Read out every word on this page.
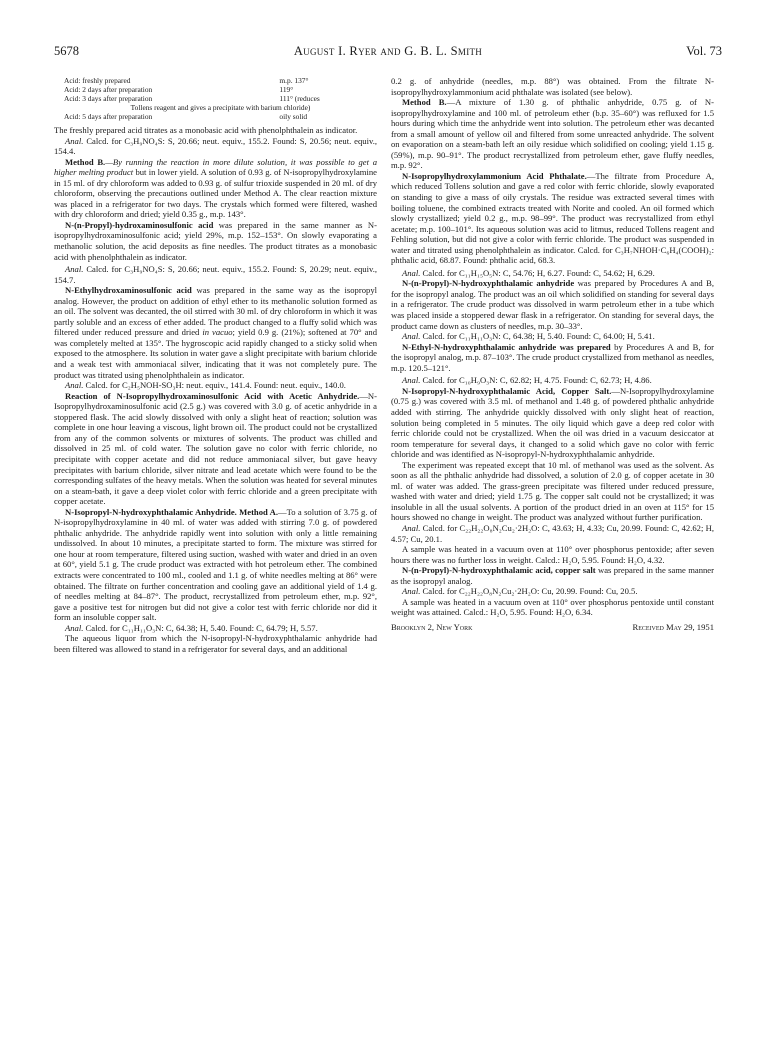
5678	August I. Ryer and G. B. L. Smith	Vol. 73
Acid: freshly prepared	m.p. 137°
Acid: 2 days after preparation	119°
Acid: 3 days after preparation	111° (reduces
Tollens reagent and gives a precipitate with barium chloride)	
Acid: 5 days after preparation	oily solid

The freshly prepared acid titrates as a monobasic acid with phenolphthalein as indicator.

Anal. Calcd. for C₃H₉NO₄S: S, 20.66; neut. equiv., 155.2. Found: S, 20.56; neut. equiv., 154.4.

Method B.—By running the reaction in more dilute solution, it was possible to get a higher melting product but in lower yield. A solution of 0.93 g. of N-isopropylhydroxylamine in 15 ml. of dry chloroform was added to 0.93 g. of sulfur trioxide suspended in 20 ml. of dry chloroform, observing the precautions outlined under Method A. The clear reaction mixture was placed in a refrigerator for two days. The crystals which formed were filtered, washed with dry chloroform and dried; yield 0.35 g., m.p. 143°.

N-(n-Propyl)-hydroxaminosulfonic acid was prepared in the same manner as N-isopropylhydroxaminosulfonic acid; yield 29%, m.p. 152–153°. On slowly evaporating a methanolic solution, the acid deposits as fine needles. The product titrates as a monobasic acid with phenolphthalein as indicator.

Anal. Calcd. for C₃H₉NO₄S: S, 20.66; neut. equiv., 155.2. Found: S, 20.29; neut. equiv., 154.7.

N-Ethylhydroxaminosulfonic acid was prepared in the same way as the isopropyl analog. However, the product on addition of ethyl ether to its methanolic solution formed as an oil. The solvent was decanted, the oil stirred with 30 ml. of dry chloroform in which it was partly soluble and an excess of ether added. The product changed to a fluffy solid which was filtered under reduced pressure and dried in vacuo; yield 0.9 g. (21%); softened at 70° and was completely melted at 135°. The hygroscopic acid rapidly changed to a sticky solid when exposed to the atmosphere. Its solution in water gave a slight precipitate with barium chloride and a weak test with ammoniacal silver, indicating that it was not completely pure. The product was titrated using phenolphthalein as indicator.

Anal. Calcd. for C₂H₅NOH-SO₃H: neut. equiv., 141.4. Found: neut. equiv., 140.0.

Reaction of N-Isopropylhydroxaminosulfonic Acid with Acetic Anhydride.—N-Isopropylhydroxaminosulfonic acid (2.5 g.) was covered with 3.0 g. of acetic anhydride in a stoppered flask. The acid slowly dissolved with only a slight heat of reaction; solution was complete in one hour leaving a viscous, light brown oil. The product could not be crystallized from any of the common solvents or mixtures of solvents. The product was chilled and dissolved in 25 ml. of cold water. The solution gave no color with ferric chloride, no precipitate with copper acetate and did not reduce ammoniacal silver, but gave heavy precipitates with barium chloride, silver nitrate and lead acetate which were found to be the corresponding sulfates of the heavy metals. When the solution was heated for several minutes on a steam-bath, it gave a deep violet color with ferric chloride and a green precipitate with copper acetate.

N-Isopropyl-N-hydroxyphthalamic Anhydride. Method A.—To a solution of 3.75 g. of N-isopropylhydroxylamine in 40 ml. of water was added with stirring 7.0 g. of powdered phthalic anhydride. The anhydride rapidly went into solution with only a little remaining undissolved. In about 10 minutes, a precipitate started to form. The mixture was stirred for one hour at room temperature, filtered using suction, washed with water and dried in an oven at 60°, yield 5.1 g. The crude product was extracted with hot petroleum ether. The combined extracts were concentrated to 100 ml., cooled and 1.1 g. of white needles melting at 86° were obtained. The filtrate on further concentration and cooling gave an additional yield of 1.4 g. of needles melting at 84–87°. The product, recrystallized from petroleum ether, m.p. 92°, gave a positive test for nitrogen but did not give a color test with ferric chloride nor did it form an insoluble copper salt.

Anal. Calcd. for C₁₁H₁₁O₃N: C, 64.38; H, 5.40. Found: C, 64.79; H, 5.57.

The aqueous liquor from which the N-isopropyl-N-hydroxyphthalamic anhydride had been filtered was allowed to stand in a refrigerator for several days, and an additional

0.2 g. of anhydride (needles, m.p. 88°) was obtained. From the filtrate N-isopropylhydroxylammonium acid phthalate was isolated (see below).

Method B.—A mixture of 1.30 g. of phthalic anhydride, 0.75 g. of N-isopropylhydroxylamine and 100 ml. of petroleum ether (b.p. 35–60°) was refluxed for 1.5 hours during which time the anhydride went into solution. The petroleum ether was decanted from a small amount of yellow oil and filtered from some unreacted anhydride. The solvent on evaporation on a steam-bath left an oily residue which solidified on cooling; yield 1.15 g. (59%), m.p. 90–91°. The product recrystallized from petroleum ether, gave fluffy needles, m.p. 92°.

N-Isopropylhydroxylammonium Acid Phthalate.—The filtrate from Procedure A, which reduced Tollens solution and gave a red color with ferric chloride, slowly evaporated on standing to give a mass of oily crystals. The residue was extracted several times with boiling toluene, the combined extracts treated with Norite and cooled. An oil formed which slowly crystallized; yield 0.2 g., m.p. 98–99°. The product was recrystallized from ethyl acetate; m.p. 100–101°. Its aqueous solution was acid to litmus, reduced Tollens reagent and Fehling solution, but did not give a color with ferric chloride. The product was suspended in water and titrated using phenolphthalein as indicator. Calcd. for C₃H₇NHOH·C₆H₄(COOH)₂: phthalic acid, 68.87. Found: phthalic acid, 68.3.

Anal. Calcd. for C₁₁H₁₅O₅N: C, 54.76; H, 6.27. Found: C, 54.62; H, 6.29.

N-(n-Propyl)-N-hydroxyphthalamic anhydride was prepared by Procedures A and B, for the isopropyl analog. The product was an oil which solidified on standing for several days in a refrigerator. The crude product was dissolved in warm petroleum ether in a tube which was placed inside a stoppered dewar flask in a refrigerator. On standing for several days, the product came down as clusters of needles, m.p. 30–33°.

Anal. Calcd. for C₁₁H₁₁O₃N: C, 64.38; H, 5.40. Found: C, 64.00; H, 5.41.

N-Ethyl-N-hydroxyphthalamic anhydride was prepared by Procedures A and B, for the isopropyl analog, m.p. 87–103°. The crude product crystallized from methanol as needles, m.p. 120.5–121°.

Anal. Calcd. for C₁₀H₉O₃N: C, 62.82; H, 4.75. Found: C, 62.73; H, 4.86.

N-Isopropyl-N-hydroxyphthalamic Acid, Copper Salt.—N-Isopropylhydroxylamine (0.75 g.) was covered with 3.5 ml. of methanol and 1.48 g. of powdered phthalic anhydride added with stirring. The anhydride quickly dissolved with only slight heat of reaction, solution being completed in 5 minutes. The oily liquid which gave a deep red color with ferric chloride could not be crystallized. When the oil was dried in a vacuum desiccator at room temperature for several days, it changed to a solid which gave no color with ferric chloride and was identified as N-isopropyl-N-hydroxyphthalamic anhydride.

The experiment was repeated except that 10 ml. of methanol was used as the solvent. As soon as all the phthalic anhydride had dissolved, a solution of 2.0 g. of copper acetate in 30 ml. of water was added. The grass-green precipitate was filtered under reduced pressure, washed with water and dried; yield 1.75 g. The copper salt could not be crystallized; it was insoluble in all the usual solvents. A portion of the product dried in an oven at 115° for 15 hours showed no change in weight. The product was analyzed without further purification.

Anal. Calcd. for C₂₂H₂₂O₈N₂Cu₂·2H₂O: C, 43.63; H, 4.33; Cu, 20.99. Found: C, 42.62; H, 4.57; Cu, 20.1.

A sample was heated in a vacuum oven at 110° over phosphorus pentoxide; after seven hours there was no further loss in weight. Calcd.: H₂O, 5.95. Found: H₂O, 4.32.

N-(n-Propyl)-N-hydroxyphthalamic acid, copper salt was prepared in the same manner as the isopropyl analog.

Anal. Calcd. for C₂₂H₂₂O₈N₂Cu₂·2H₂O: Cu, 20.99. Found: Cu, 20.5.

A sample was heated in a vacuum oven at 110° over phosphorus pentoxide until constant weight was attained. Calcd.: H₂O, 5.95. Found: H₂O, 6.34.

Brooklyn 2, New York	Received May 29, 1951
